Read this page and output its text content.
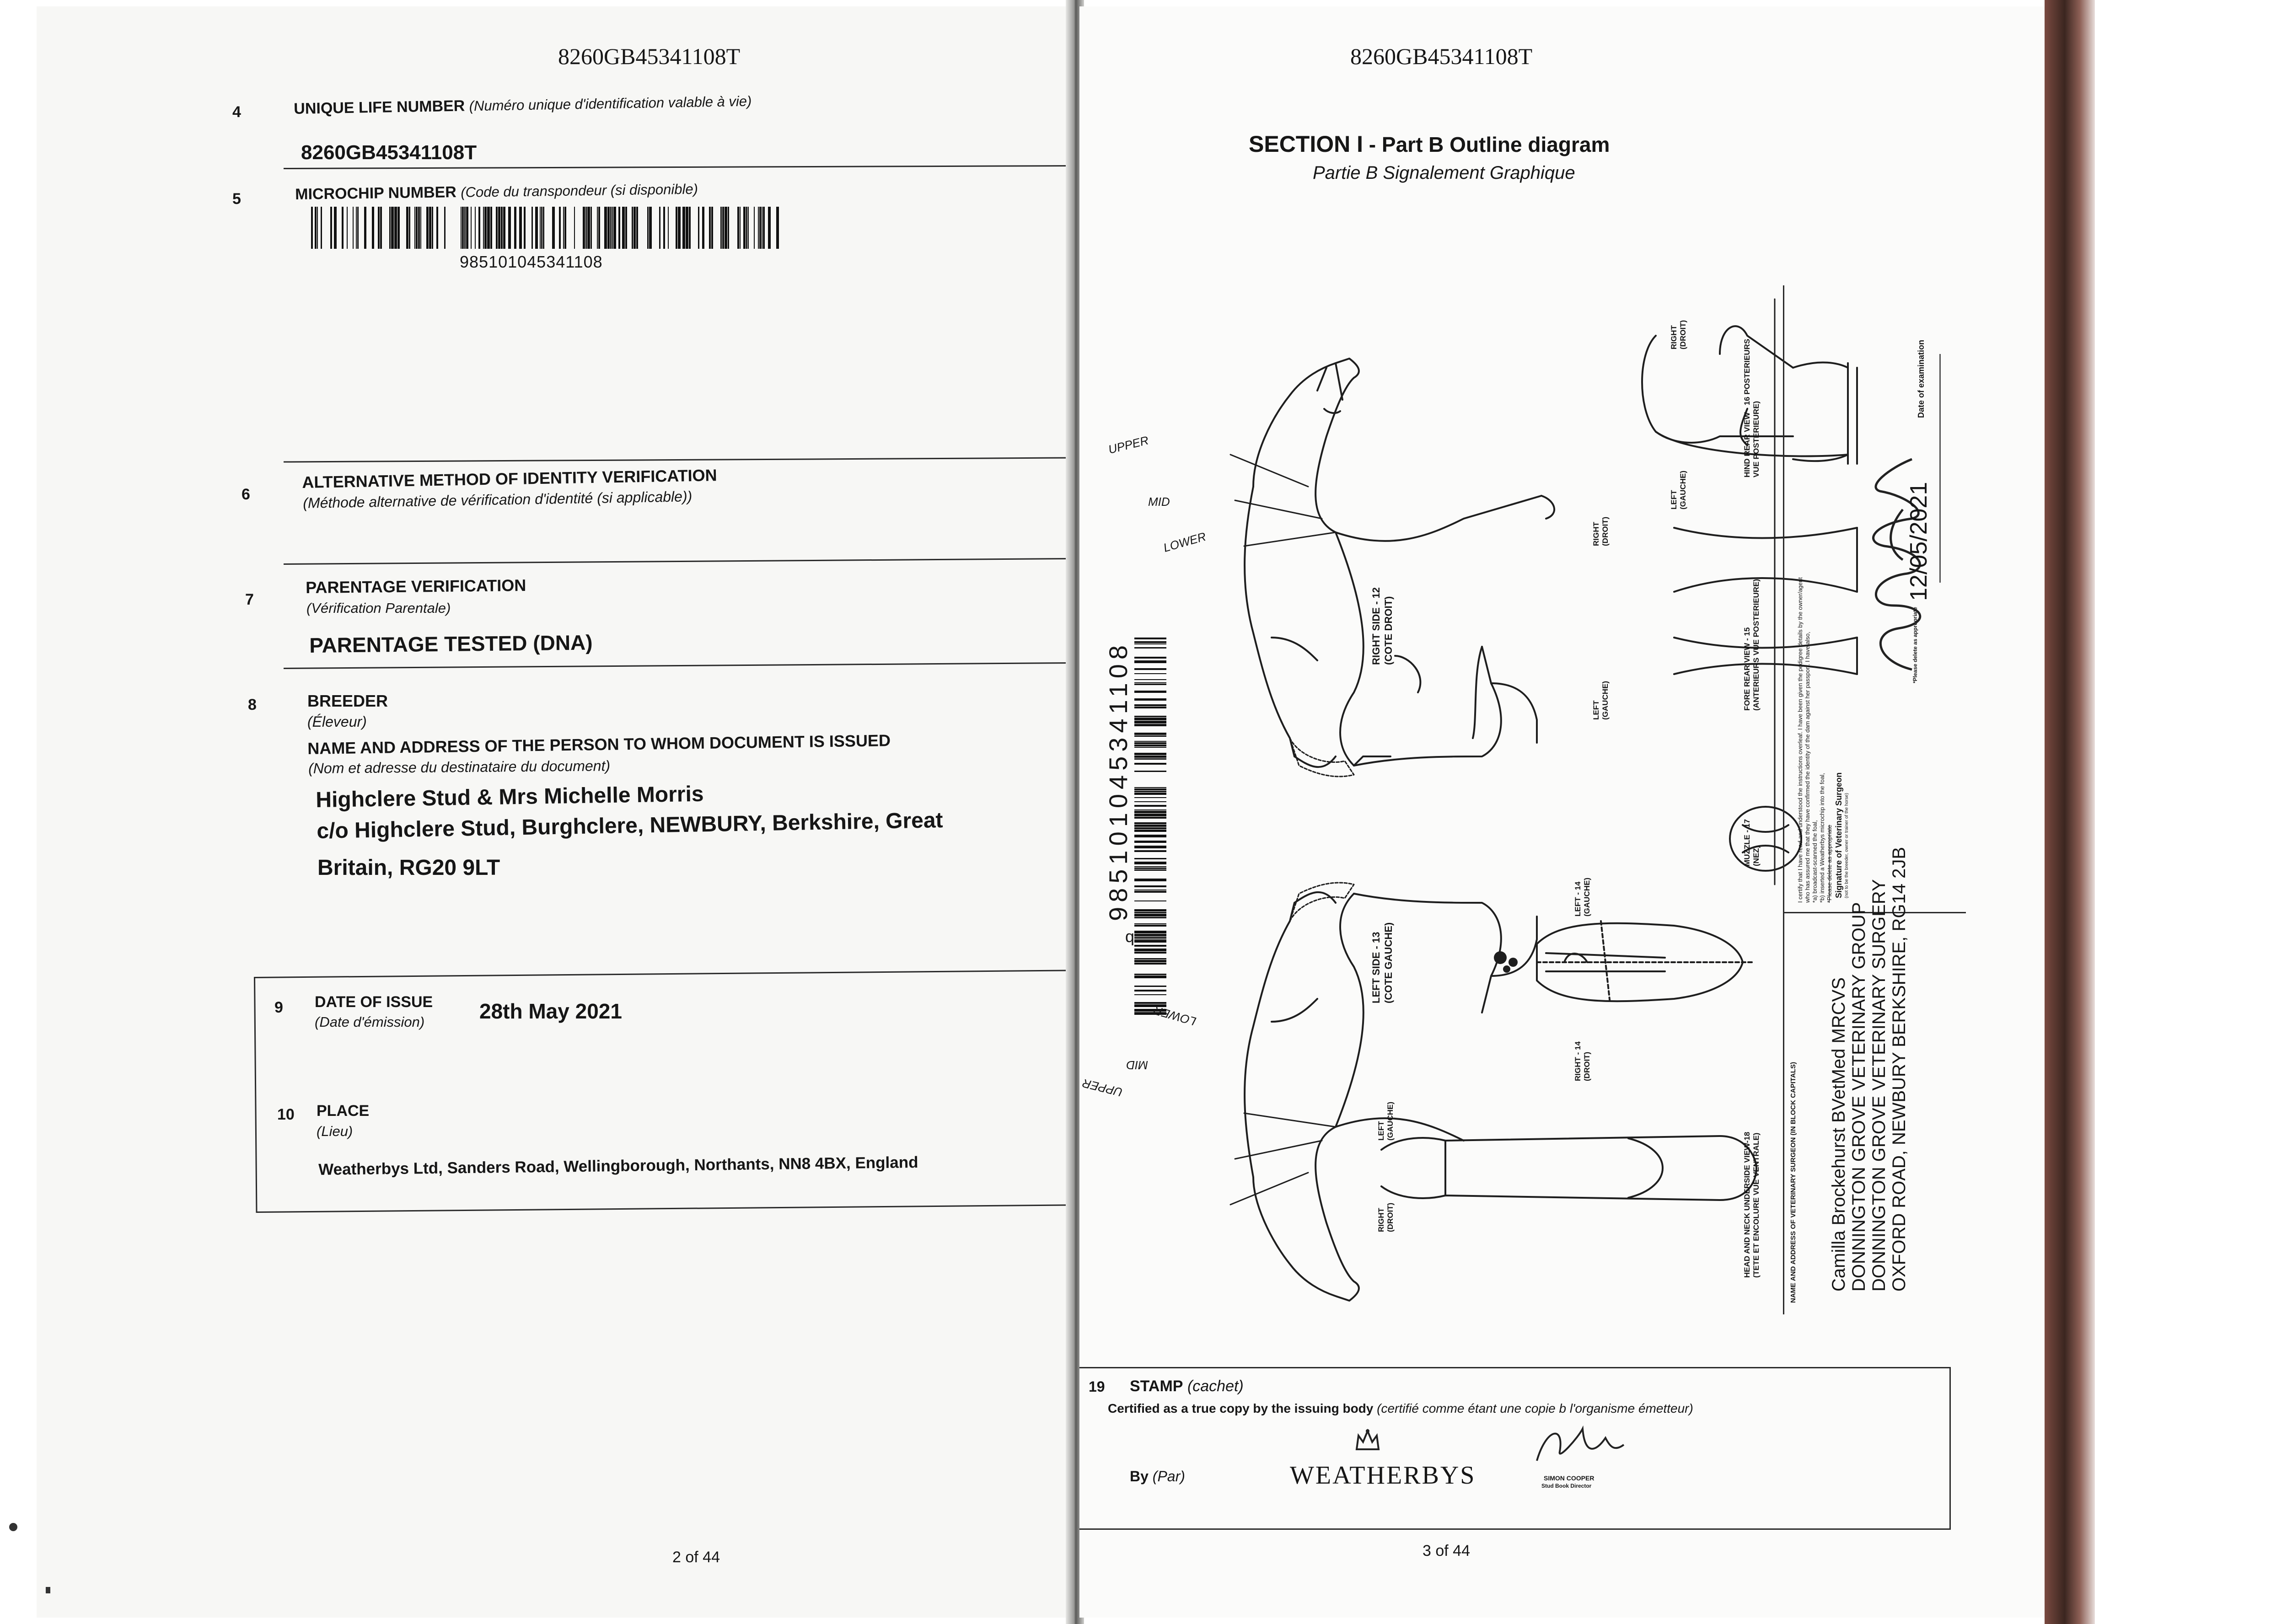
8260GB45341108T
4	UNIQUE LIFE NUMBER (Numéro unique d'identification valable à vie)
8260GB45341108T
5	MICROCHIP NUMBER (Code du transpondeur (si disponible)
985101045341108
6
ALTERNATIVE METHOD OF IDENTITY VERIFICATION
(Méthode alternative de vérification d'identité (si applicable))
7
PARENTAGE VERIFICATION
(Vérification Parentale)
PARENTAGE TESTED (DNA)
8	BREEDER
(Éleveur)
NAME AND ADDRESS OF THE PERSON TO WHOM DOCUMENT IS ISSUED
(Nom et adresse du destinataire du document)
Highclere Stud & Mrs Michelle Morris
c/o Highclere Stud, Burghclere, NEWBURY, Berkshire, Great
Britain, RG20 9LT
9 DATE OF ISSUE
(Date d'émission)	28th May 2021
10 PLACE
(Lieu)
Weatherbys Ltd, Sanders Road, Wellingborough, Northants, NN8 4BX, England
2 of 44
8260GB45341108T
SECTION I - Part B Outline diagram
Partie B Signalement Graphique
985101045341108
UPPER
MID
LOWER
UPPER
MID
LOWER
b
RIGHT SIDE - 12
(COTE DROIT)
LEFT SIDE - 13
(COTE GAUCHE)
LEFT
(GAUCHE)
RIGHT
(DROIT)
LEFT
(GAUCHE)
RIGHT
(DROIT)
LEFT - 14
(GAUCHE)
RIGHT - 14
(DROIT)
LEFT
(GAUCHE)
RIGHT
(DROIT)
FORE REAR VIEW - 15
(ANTERIEURS VUE POSTERIEURE)
HIND REAR VIEW - 16 POSTERIEURS
VUE POSTERIEURE)
MUZZLE - 17
(NEZ)
HEAD AND NECK UNDERSIDE VIEW-18
(TETE ET ENCOLURE VUE VENTRALE)
I certify that I have read and understood the instructions overleaf. I have been given the pedigree details by the owner/agent
who has assured me that they have confirmed the identity of the dam against her passport. I have also,
*a) broadcast-scanned the foal,
*b) inserted a Weatherbys microchip into the foal,
*Please delete as appropriate Signature of Veterinary Surgeon (not to be the breeder, owner or trainer of the horse)
*Please delete as appropriate
Date of examination
12/05/2021
NAME AND ADDRESS OF VETERINARY SURGEON (IN BLOCK CAPITALS) Camilla Brockehurst BVetMed MRCVS
DONNINGTON GROVE VETERINARY GROUP
DONNINGTON GROVE VETERINARY SURGERY
OXFORD ROAD, NEWBURY BERKSHIRE, RG14 2JB
19 STAMP (cachet)
Certified as a true copy by the issuing body (certifié comme étant une copie b l'organisme émetteur)
By (Par)	WEATHERBYS	SIMON COOPER
Stud Book Director
3 of 44
